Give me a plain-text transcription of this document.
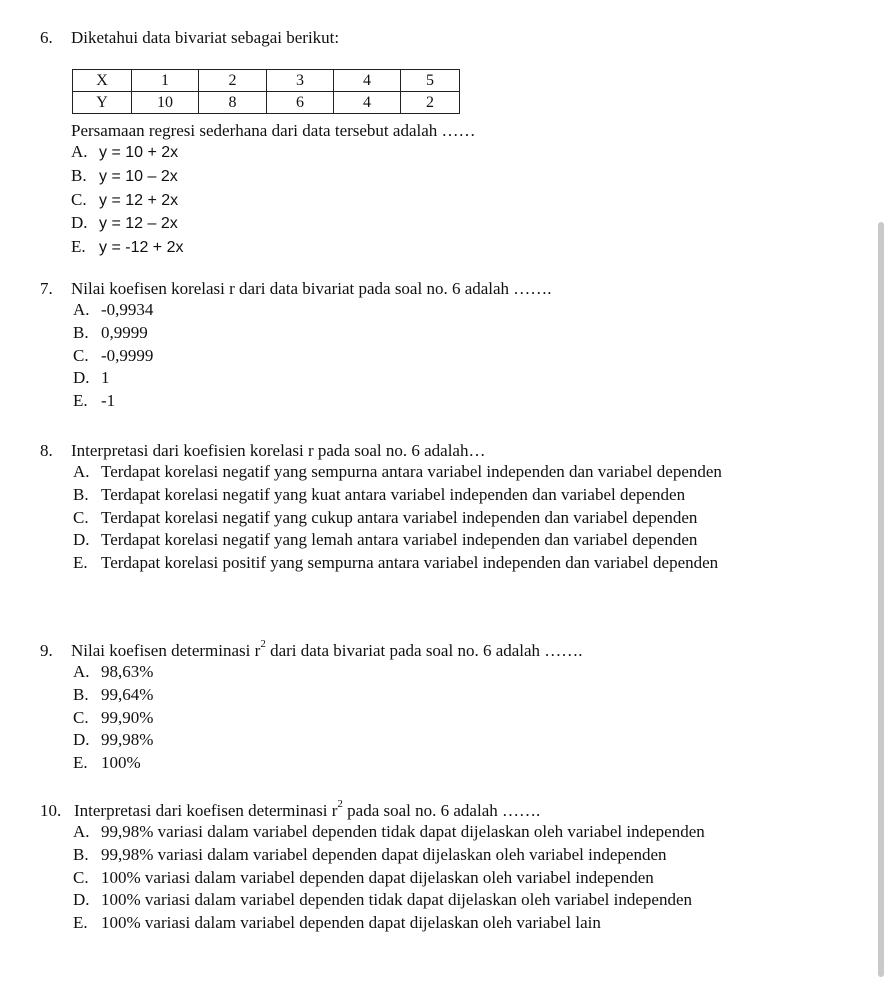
6.	Diketahui data bivariat sebagai berikut:
X	1	2	3	4	5
Y	10	8	6	4	2
Persamaan regresi sederhana dari data tersebut adalah ……
A. y = 10 + 2x
B. y = 10 – 2x
C. y = 12 + 2x
D. y = 12 – 2x
E. y = -12 + 2x
7.	Nilai koefisen korelasi r dari data bivariat pada soal no. 6 adalah …….
A. -0,9934
B. 0,9999
C. -0,9999
D. 1
E. -1
8.	Interpretasi dari koefisien korelasi r pada soal no. 6 adalah…
A. Terdapat korelasi negatif yang sempurna antara variabel independen dan variabel dependen
B. Terdapat korelasi negatif yang kuat antara variabel independen dan variabel dependen
C. Terdapat korelasi negatif yang cukup antara variabel independen dan variabel dependen
D. Terdapat korelasi negatif yang lemah antara variabel independen dan variabel dependen
E. Terdapat korelasi positif yang sempurna antara variabel independen dan variabel dependen
9.	Nilai koefisen determinasi $r^2$ dari data bivariat pada soal no. 6 adalah …….
A. 98,63%
B. 99,64%
C. 99,90%
D. 99,98%
E. 100%
10. Interpretasi dari koefisen determinasi $r^2$ pada soal no. 6 adalah …….
A. 99,98% variasi dalam variabel dependen tidak dapat dijelaskan oleh variabel independen
B. 99,98% variasi dalam variabel dependen dapat dijelaskan oleh variabel independen
C. 100% variasi dalam variabel dependen dapat dijelaskan oleh variabel independen
D. 100% variasi dalam variabel dependen tidak dapat dijelaskan oleh variabel independen
E. 100% variasi dalam variabel dependen dapat dijelaskan oleh variabel lain
